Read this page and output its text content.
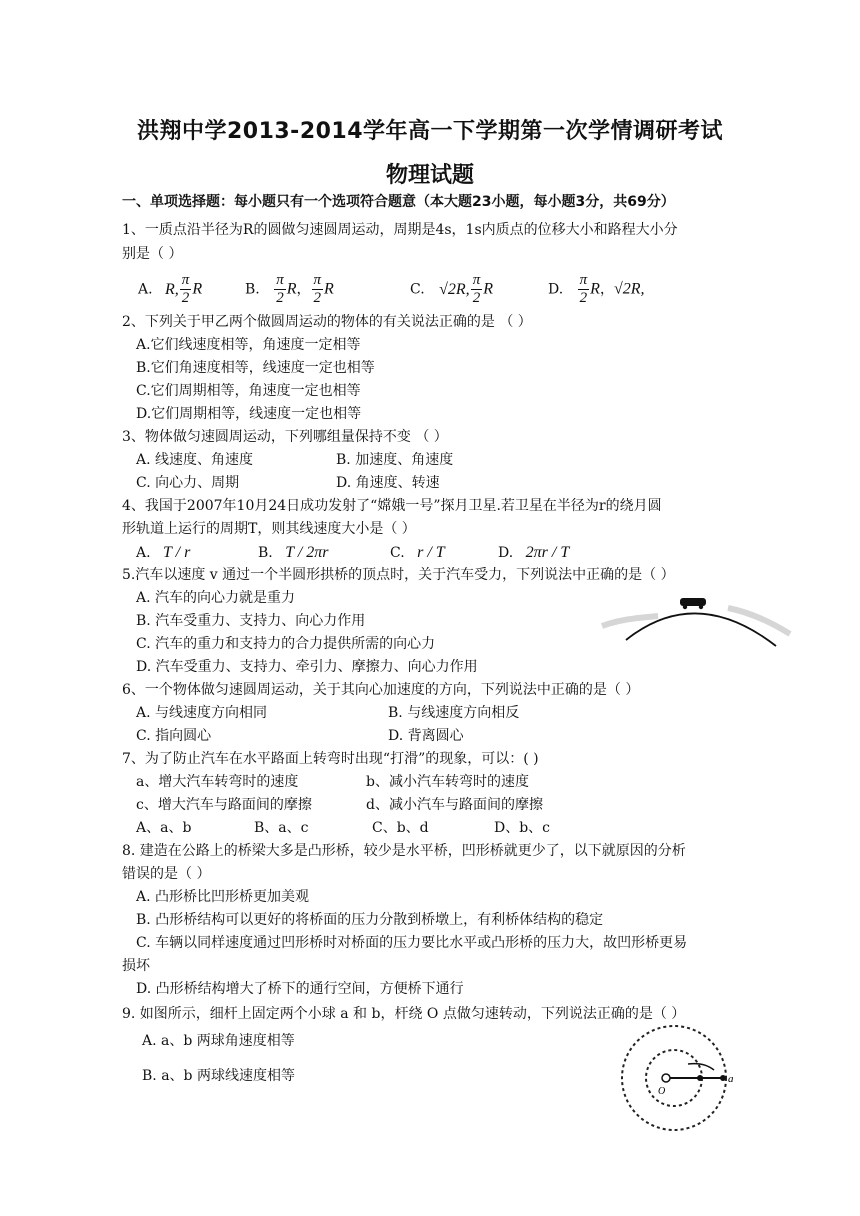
洪翔中学2013-2014学年高一下学期第一次学情调研考试
物理试题
一、单项选择题：每小题只有一个选项符合题意（本大题23小题，每小题3分，共69分）
1、一质点沿半径为R的圆做匀速圆周运动，周期是4s，1s内质点的位移大小和路程大小分
别是（ ）
A. R, $\frac{\pi}{2}$ R	B. $\frac{\pi}{2}$ R， $\frac{\pi}{2}$ R	C. √2R, $\frac{\pi}{2}$ R	D. $\frac{\pi}{2}$ R，√2R,
2、下列关于甲乙两个做圆周运动的物体的有关说法正确的是 （ ）
A.它们线速度相等，角速度一定相等
B.它们角速度相等，线速度一定也相等
C.它们周期相等，角速度一定也相等
D.它们周期相等，线速度一定也相等
3、物体做匀速圆周运动，下列哪组量保持不变 （ ）
A. 线速度、角速度	B. 加速度、角速度
C. 向心力、周期	D. 角速度、转速
4、我国于2007年10月24日成功发射了“嫦娥一号”探月卫星.若卫星在半径为r的绕月圆
形轨道上运行的周期T，则其线速度大小是（ ）
A. T / r	B. T / 2πr	C. r / T	D. 2πr / T
5.汽车以速度 v 通过一个半圆形拱桥的顶点时，关于汽车受力，下列说法中正确的是（ ）
A. 汽车的向心力就是重力
B. 汽车受重力、支持力、向心力作用
C. 汽车的重力和支持力的合力提供所需的向心力
D. 汽车受重力、支持力、牵引力、摩擦力、向心力作用
6、一个物体做匀速圆周运动，关于其向心加速度的方向，下列说法中正确的是（ ）
A. 与线速度方向相同	B. 与线速度方向相反
C. 指向圆心	D. 背离圆心
7、为了防止汽车在水平路面上转弯时出现“打滑”的现象，可以：( )
a、增大汽车转弯时的速度	b、减小汽车转弯时的速度
c、增大汽车与路面间的摩擦	d、减小汽车与路面间的摩擦
A、a、b	B、a、c	C、b、d	D、b、c
8. 建造在公路上的桥梁大多是凸形桥，较少是水平桥，凹形桥就更少了，以下就原因的分析
错误的是（ ）
A. 凸形桥比凹形桥更加美观
B. 凸形桥结构可以更好的将桥面的压力分散到桥墩上，有利桥体结构的稳定
C. 车辆以同样速度通过凹形桥时对桥面的压力要比水平或凸形桥的压力大，故凹形桥更易
损坏
D. 凸形桥结构增大了桥下的通行空间，方便桥下通行
9. 如图所示，细杆上固定两个小球 a 和 b，杆绕 O 点做匀速转动，下列说法正确的是（ ）
A. a、b 两球角速度相等
B. a、b 两球线速度相等
O
a
